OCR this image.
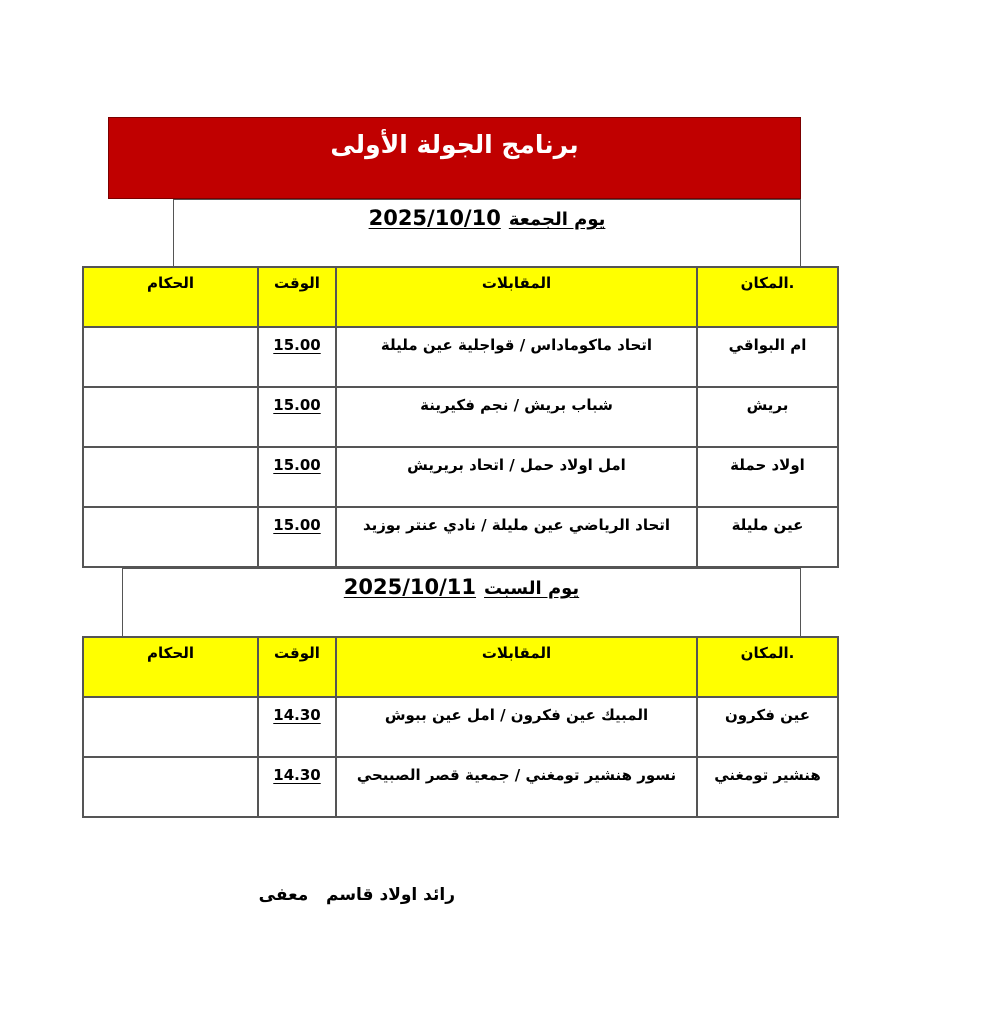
برنامج الجولة الأولى
يوم الجمعة2025/10/10
.المكان	المقابلات	الوقت	الحكام
ام البواقي	اتحاد ماكوماداس / قواجلية عين مليلة	15.00	
بريش	شباب بريش / نجم فكيرينة	15.00	
اولاد حملة	امل اولاد حمل / اتحاد بريريش	15.00	
عين مليلة	اتحاد الرياضي عين مليلة / نادي عنتر بوزيد	15.00	
يوم السبت2025/10/11
.المكان	المقابلات	الوقت	الحكام
عين فكرون	المبيك عين فكرون / امل عين ببوش	14.30	
هنشير تومغني	نسور هنشير تومغني / جمعية قصر الصبيحي	14.30	
رائد اولاد قاسم   معفى
